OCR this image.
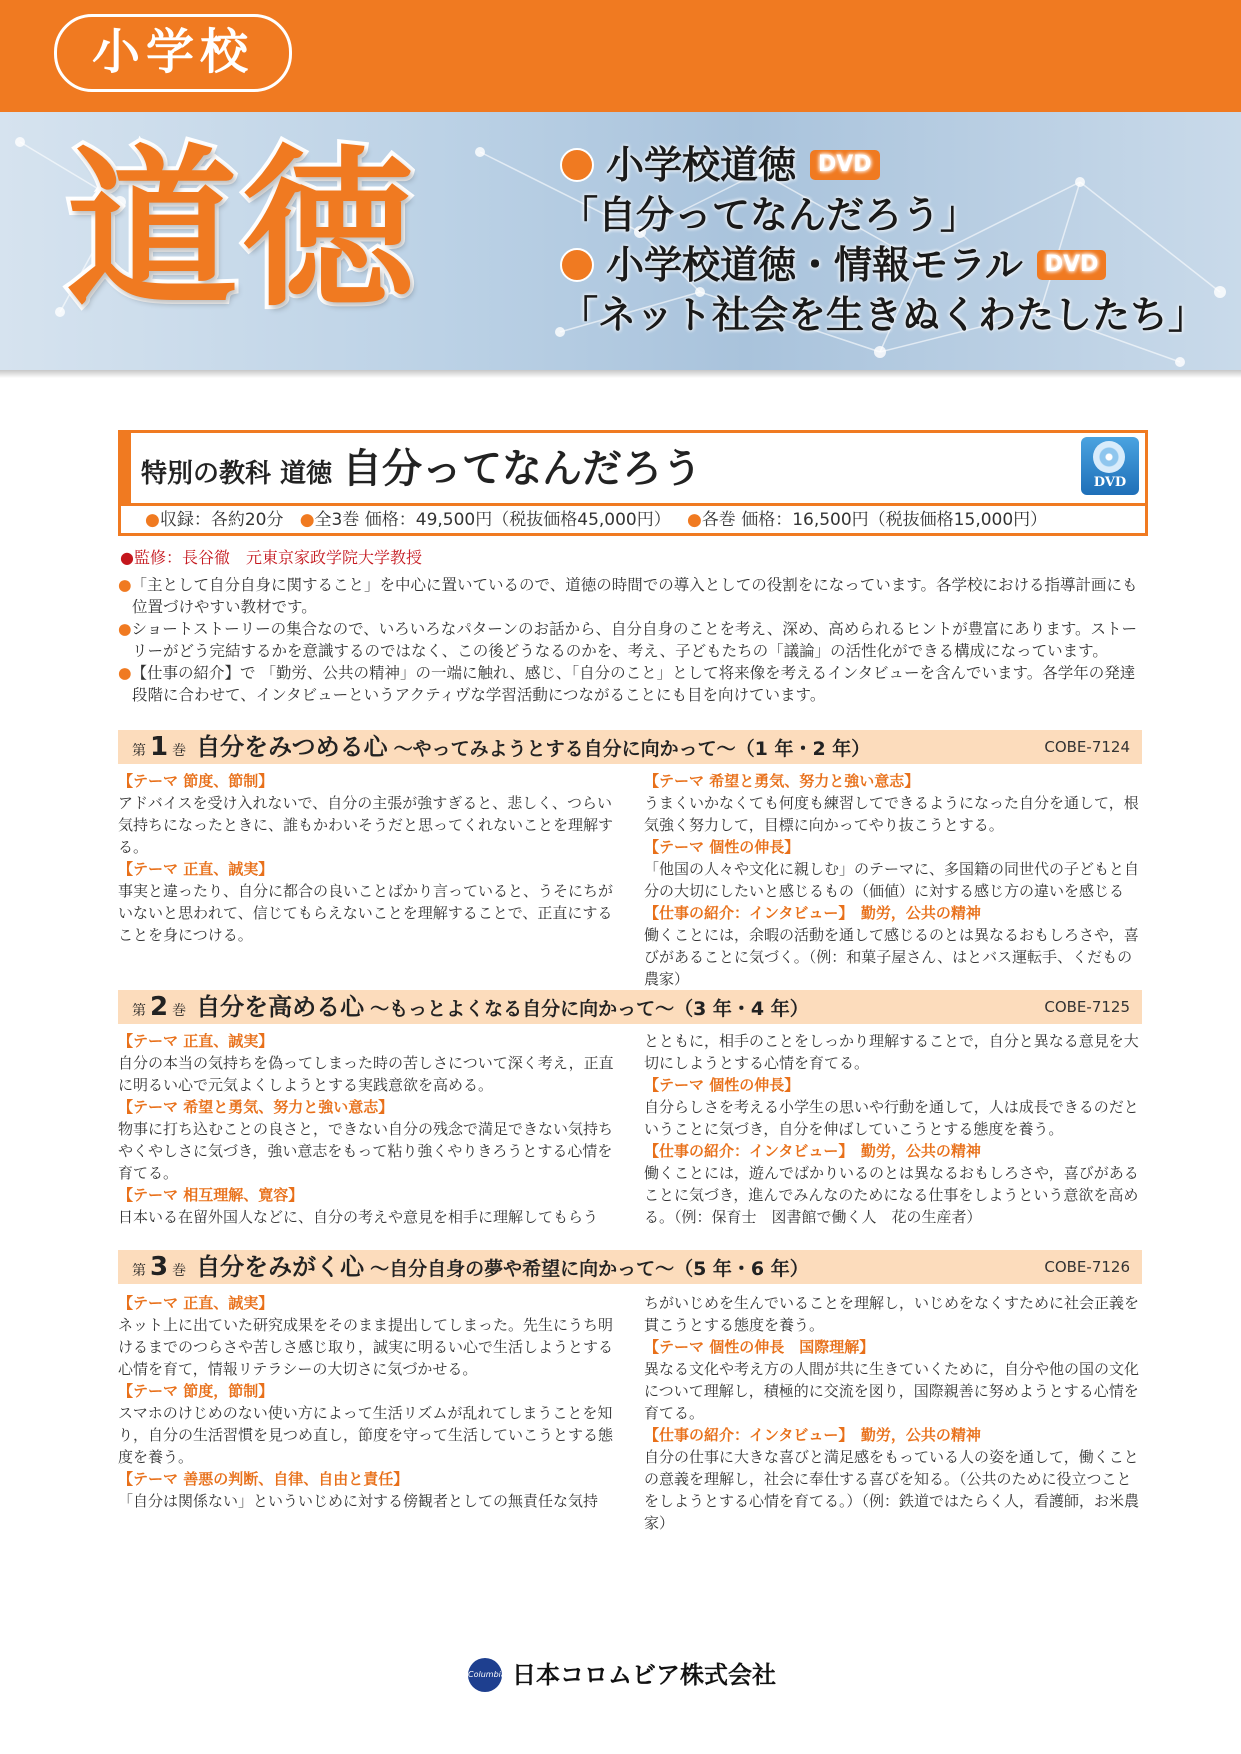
小学校
道徳	小学校道徳 DVD
「自分ってなんだろう」
小学校道徳・情報モラル DVD
「ネット社会を生きぬくわたしたち」
特別の教科 道徳 自分ってなんだろう	DVD
●収録：各約20分 ●全3巻 価格：49,500円（税抜価格45,000円） ●各巻 価格：16,500円（税抜価格15,000円）
●監修：長谷徹　元東京家政学院大学教授
●「主として自分自身に関すること」を中心に置いているので、道徳の時間での導入としての役割をになっています。各学校における指導計画にも位置づけやすい教材です。
●ショートストーリーの集合なので、いろいろなパターンのお話から、自分自身のことを考え、深め、高められるヒントが豊富にあります。ストーリーがどう完結するかを意識するのではなく、この後どうなるのかを、考え、子どもたちの「議論」の活性化ができる構成になっています。
●【仕事の紹介】で 「勤労、公共の精神」の一端に触れ、感じ、「自分のこと」として将来像を考えるインタビューを含んでいます。各学年の発達段階に合わせて、インタビューというアクティヴな学習活動につながることにも目を向けています。
第 1 巻 自分をみつめる心 ～やってみようとする自分に向かって～（1 年・2 年）	COBE-7124
【テーマ 節度、節制】
アドバイスを受け入れないで、自分の主張が強すぎると、悲しく、つらい気持ちになったときに、誰もかわいそうだと思ってくれないことを理解する。
【テーマ 正直、誠実】
事実と違ったり、自分に都合の良いことばかり言っていると、うそにちがいないと思われて、信じてもらえないことを理解することで、正直にすることを身につける。
【テーマ 希望と勇気、努力と強い意志】
うまくいかなくても何度も練習してできるようになった自分を通して，根気強く努力して，目標に向かってやり抜こうとする。
【テーマ 個性の伸長】
「他国の人々や文化に親しむ」のテーマに、多国籍の同世代の子どもと自分の大切にしたいと感じるもの（価値）に対する感じ方の違いを感じる
【仕事の紹介：インタビュー】　勤労，公共の精神
働くことには，余暇の活動を通して感じるのとは異なるおもしろさや，喜びがあることに気づく。（例：和菓子屋さん、はとバス運転手、くだもの農家）
第 2 巻 自分を高める心 ～もっとよくなる自分に向かって～（3 年・4 年）	COBE-7125
【テーマ 正直、誠実】
自分の本当の気持ちを偽ってしまった時の苦しさについて深く考え，正直に明るい心で元気よくしようとする実践意欲を高める。
【テーマ 希望と勇気、努力と強い意志】
物事に打ち込むことの良さと，できない自分の残念で満足できない気持ちやくやしさに気づき，強い意志をもって粘り強くやりきろうとする心情を育てる。
【テーマ 相互理解、寛容】
日本いる在留外国人などに、自分の考えや意見を相手に理解してもらう
とともに，相手のことをしっかり理解することで，自分と異なる意見を大切にしようとする心情を育てる。
【テーマ 個性の伸長】
自分らしさを考える小学生の思いや行動を通して，人は成長できるのだということに気づき，自分を伸ばしていこうとする態度を養う。
【仕事の紹介：インタビュー】　勤労，公共の精神
働くことには，遊んでばかりいるのとは異なるおもしろさや，喜びがあることに気づき，進んでみんなのためになる仕事をしようという意欲を高める。（例：保育士　図書館で働く人　花の生産者）
第 3 巻 自分をみがく心 ～自分自身の夢や希望に向かって～（5 年・6 年）	COBE-7126
【テーマ 正直、誠実】
ネット上に出ていた研究成果をそのまま提出してしまった。先生にうち明けるまでのつらさや苦しさ感じ取り，誠実に明るい心で生活しようとする心情を育て，情報リテラシーの大切さに気づかせる。
【テーマ 節度，節制】
スマホのけじめのない使い方によって生活リズムが乱れてしまうことを知り，自分の生活習慣を見つめ直し，節度を守って生活していこうとする態度を養う。
【テーマ 善悪の判断、自律、自由と責任】
「自分は関係ない」といういじめに対する傍観者としての無責任な気持
ちがいじめを生んでいることを理解し，いじめをなくすために社会正義を貫こうとする態度を養う。
【テーマ 個性の伸長　国際理解】
異なる文化や考え方の人間が共に生きていくために，自分や他の国の文化について理解し，積極的に交流を図り，国際親善に努めようとする心情を育てる。
【仕事の紹介：インタビュー】　勤労，公共の精神
自分の仕事に大きな喜びと満足感をもっている人の姿を通して，働くことの意義を理解し，社会に奉仕する喜びを知る。（公共のために役立つことをしようとする心情を育てる。）（例：鉄道ではたらく人，看護師，お米農家）
Columbia 日本コロムビア株式会社
